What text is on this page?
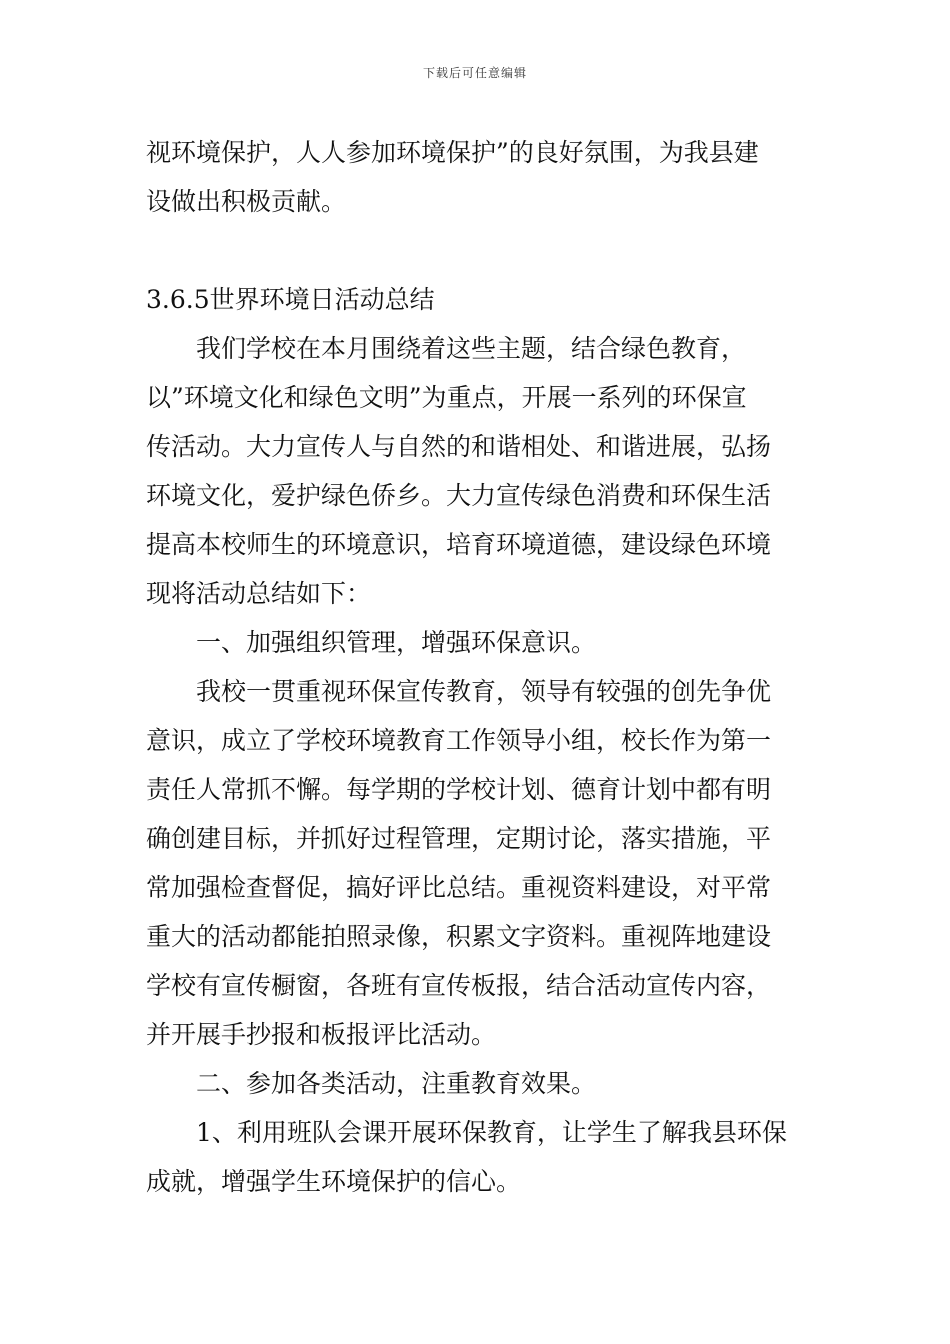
下载后可任意编辑
视环境保护，人人参加环境保护”的良好氛围，为我县建
设做出积极贡献。
3.6.5世界环境日活动总结
我们学校在本月围绕着这些主题，结合绿色教育，
以”环境文化和绿色文明”为重点，开展一系列的环保宣
传活动。大力宣传人与自然的和谐相处、和谐进展，弘扬
环境文化，爱护绿色侨乡。大力宣传绿色消费和环保生活
提高本校师生的环境意识，培育环境道德，建设绿色环境
现将活动总结如下：
一、加强组织管理，增强环保意识。
我校一贯重视环保宣传教育，领导有较强的创先争优
意识，成立了学校环境教育工作领导小组，校长作为第一
责任人常抓不懈。每学期的学校计划、德育计划中都有明
确创建目标，并抓好过程管理，定期讨论，落实措施，平
常加强检查督促，搞好评比总结。重视资料建设，对平常
重大的活动都能拍照录像，积累文字资料。重视阵地建设
学校有宣传橱窗，各班有宣传板报，结合活动宣传内容，
并开展手抄报和板报评比活动。
二、参加各类活动，注重教育效果。
1、利用班队会课开展环保教育，让学生了解我县环保
成就，增强学生环境保护的信心。
